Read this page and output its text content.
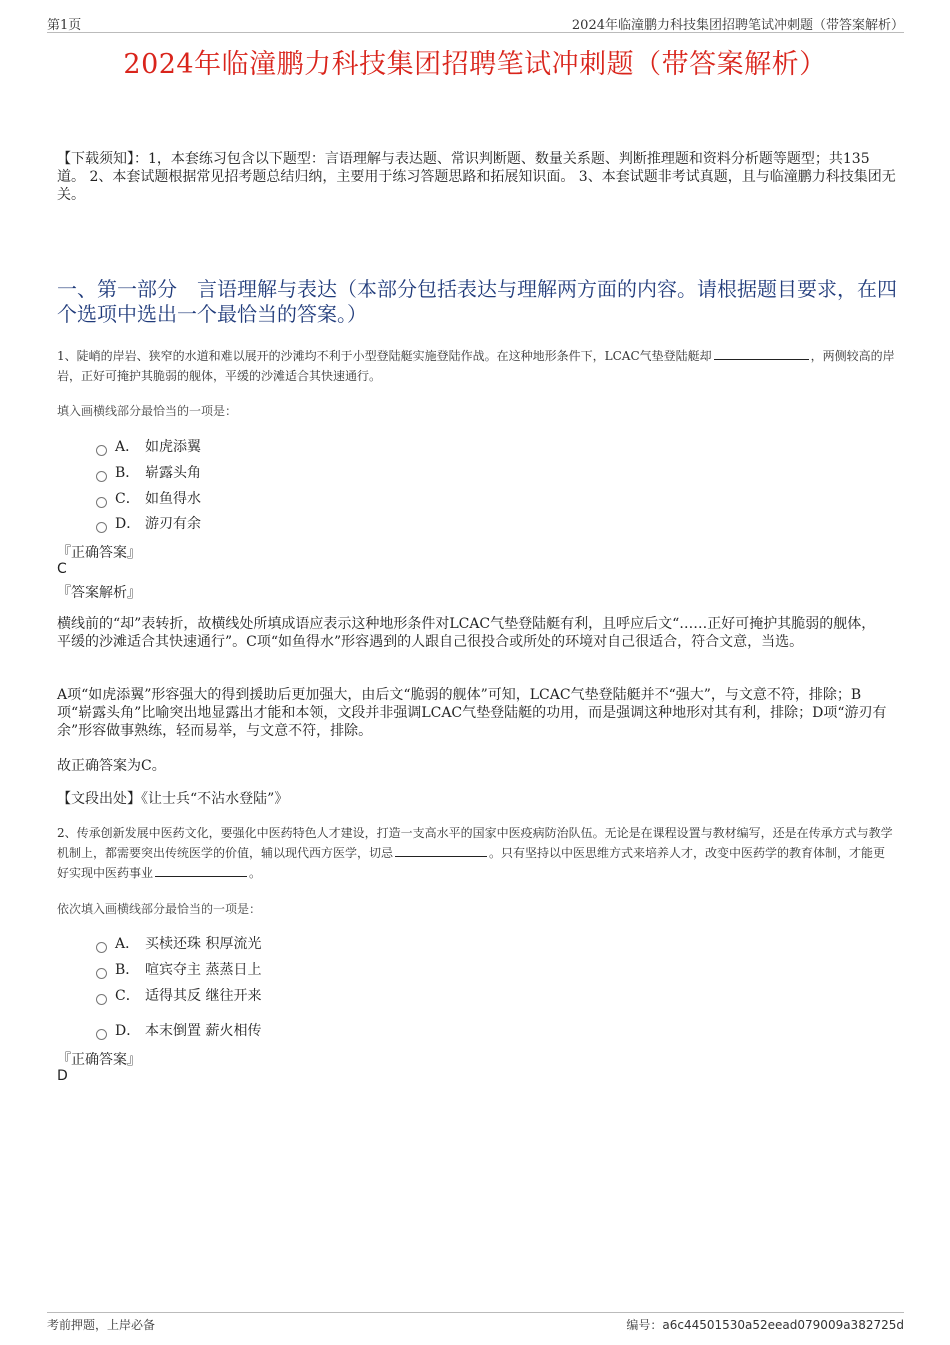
第1页	2024年临潼鹏力科技集团招聘笔试冲刺题（带答案解析）
2024年临潼鹏力科技集团招聘笔试冲刺题（带答案解析）
【下载须知】：1，本套练习包含以下题型：言语理解与表达题、常识判断题、数量关系题、判断推理题和资料分析题等题型；共135道。 2、本套试题根据常见招考题总结归纳，主要用于练习答题思路和拓展知识面。 3、本套试题非考试真题，且与临潼鹏力科技集团无关。
一、第一部分　言语理解与表达（本部分包括表达与理解两方面的内容。请根据题目要求，在四个选项中选出一个最恰当的答案。）
1、陡峭的岸岩、狭窄的水道和难以展开的沙滩均不利于小型登陆艇实施登陆作战。在这种地形条件下，LCAC气垫登陆艇却	，两侧较高的岸岩，正好可掩护其脆弱的舰体，平缓的沙滩适合其快速通行。
填入画横线部分最恰当的一项是：
A． 如虎添翼
B． 崭露头角
C． 如鱼得水
D． 游刃有余
『正确答案』
C
『答案解析』
横线前的“却”表转折，故横线处所填成语应表示这种地形条件对LCAC气垫登陆艇有利，且呼应后文“……正好可掩护其脆弱的舰体，平缓的沙滩适合其快速通行”。C项“如鱼得水”形容遇到的人跟自己很投合或所处的环境对自己很适合，符合文意，当选。
A项“如虎添翼”形容强大的得到援助后更加强大，由后文“脆弱的舰体”可知，LCAC气垫登陆艇并不“强大”，与文意不符，排除；B项“崭露头角”比喻突出地显露出才能和本领，文段并非强调LCAC气垫登陆艇的功用，而是强调这种地形对其有利，排除；D项“游刃有余”形容做事熟练，轻而易举，与文意不符，排除。
故正确答案为C。
【文段出处】《让士兵“不沾水登陆”》
2、传承创新发展中医药文化，要强化中医药特色人才建设，打造一支高水平的国家中医疫病防治队伍。无论是在课程设置与教材编写，还是在传承方式与教学机制上，都需要突出传统医学的价值，辅以现代西方医学，切忌	。只有坚持以中医思维方式来培养人才，改变中医药学的教育体制，才能更好实现中医药事业	。
依次填入画横线部分最恰当的一项是：
A． 买椟还珠 积厚流光
B． 喧宾夺主 蒸蒸日上
C． 适得其反 继往开来
D． 本末倒置 薪火相传
『正确答案』
D
考前押题，上岸必备	编号：a6c44501530a52eead079009a382725d
